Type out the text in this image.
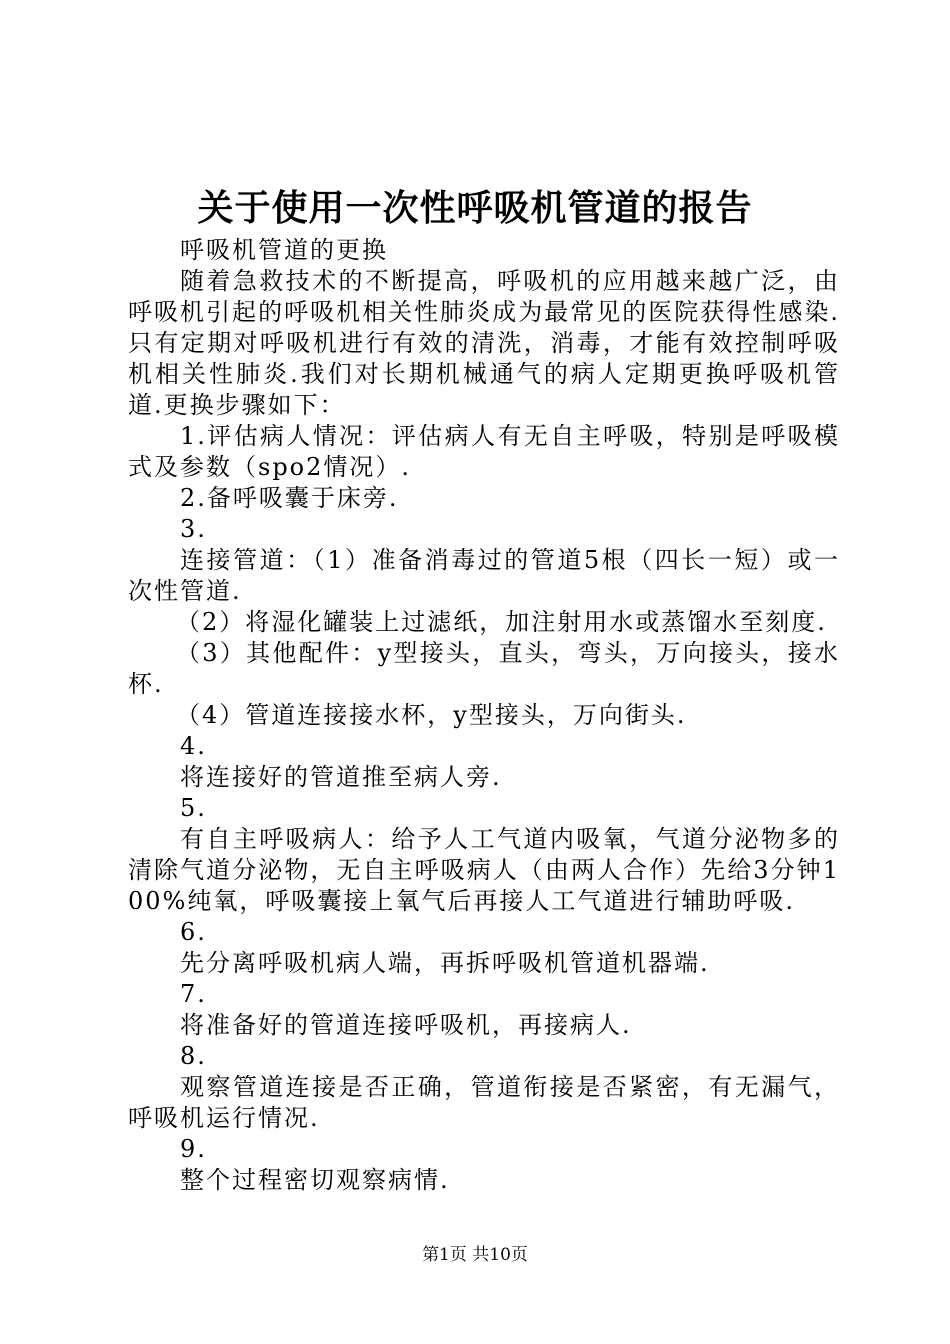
关于使用一次性呼吸机管道的报告

呼吸机管道的更换

随着急救技术的不断提高，呼吸机的应用越来越广泛，由呼吸机引起的呼吸机相关性肺炎成为最常见的医院获得性感染.只有定期对呼吸机进行有效的清洗，消毒，才能有效控制呼吸机相关性肺炎.我们对长期机械通气的病人定期更换呼吸机管道.更换步骤如下：

1.评估病人情况：评估病人有无自主呼吸，特别是呼吸模式及参数（spo2情况）.

2.备呼吸囊于床旁.

3.

连接管道：（1）准备消毒过的管道5根（四长一短）或一次性管道.

（2）将湿化罐装上过滤纸，加注射用水或蒸馏水至刻度.

（3）其他配件：y型接头，直头，弯头，万向接头，接水杯.

（4）管道连接接水杯，y型接头，万向街头.

4.

将连接好的管道推至病人旁.

5.

有自主呼吸病人：给予人工气道内吸氧，气道分泌物多的清除气道分泌物，无自主呼吸病人（由两人合作）先给3分钟100%纯氧，呼吸囊接上氧气后再接人工气道进行辅助呼吸.

6.

先分离呼吸机病人端，再拆呼吸机管道机器端.

7.

将准备好的管道连接呼吸机，再接病人.

8.

观察管道连接是否正确，管道衔接是否紧密，有无漏气，呼吸机运行情况.

9.

整个过程密切观察病情.

第1页 共10页
